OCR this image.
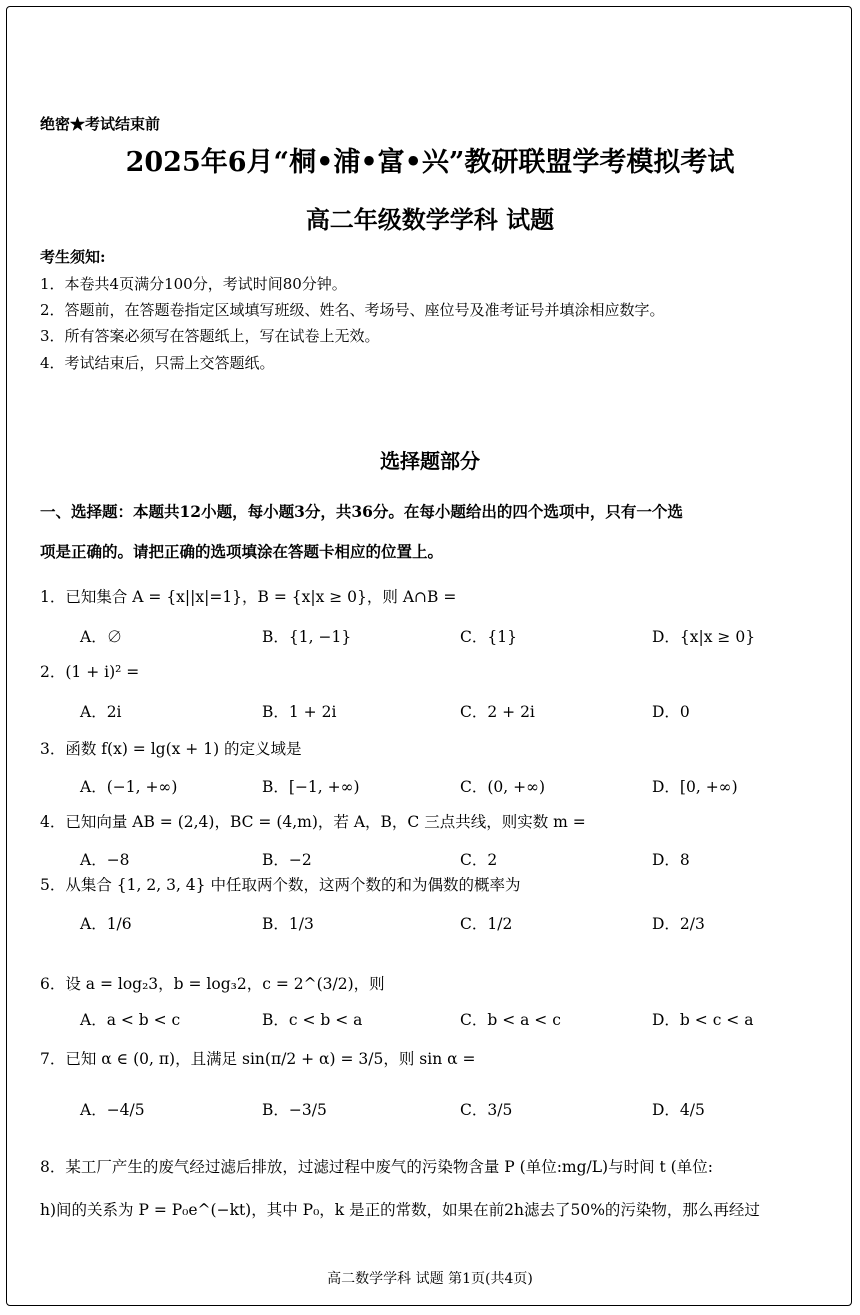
绝密★考试结束前
2025年6月“桐•浦•富•兴”教研联盟学考模拟考试
高二年级数学学科 试题
考生须知:
1．本卷共4页满分100分，考试时间80分钟。
2．答题前，在答题卷指定区域填写班级、姓名、考场号、座位号及准考证号并填涂相应数字。
3．所有答案必须写在答题纸上，写在试卷上无效。
4．考试结束后，只需上交答题纸。
选择题部分
一、选择题：本题共12小题，每小题3分，共36分。在每小题给出的四个选项中，只有一个选
项是正确的。请把正确的选项填涂在答题卡相应的位置上。
1．已知集合 A = {x||x|=1}，B = {x|x ≥ 0}，则 A∩B =
A．∅	B．{1, −1}	C．{1}	D．{x|x ≥ 0}
2．(1 + i)² =
A．2i	B．1 + 2i	C．2 + 2i	D．0
3．函数 f(x) = lg(x + 1) 的定义域是
A．(−1, +∞)	B．[−1, +∞)	C．(0, +∞)	D．[0, +∞)
4．已知向量 AB = (2,4)，BC = (4,m)，若 A，B，C 三点共线，则实数 m =
A．−8	B．−2	C．2	D．8
5．从集合 {1, 2, 3, 4} 中任取两个数，这两个数的和为偶数的概率为
A．1/6	B．1/3	C．1/2	D．2/3
6．设 a = log₂3，b = log₃2，c = 2^(3/2)，则
A．a < b < c	B．c < b < a	C．b < a < c	D．b < c < a
7．已知 α ∈ (0, π)，且满足 sin(π/2 + α) = 3/5，则 sin α =
A．−4/5	B．−3/5	C．3/5	D．4/5
8．某工厂产生的废气经过滤后排放，过滤过程中废气的污染物含量 P (单位:mg/L)与时间 t (单位:
h)间的关系为 P = P₀e^(−kt)，其中 P₀，k 是正的常数，如果在前2h滤去了50%的污染物，那么再经过
高二数学学科 试题 第1页(共4页)
